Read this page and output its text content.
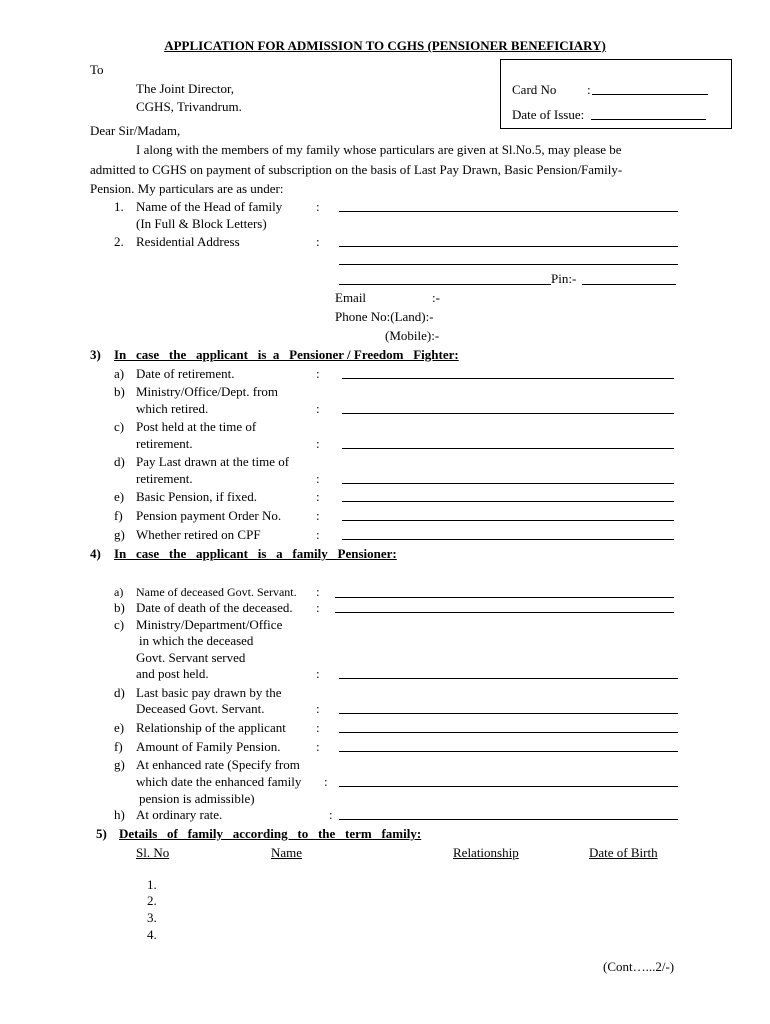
APPLICATION FOR ADMISSION TO CGHS (PENSIONER BENEFICIARY)
To
The Joint Director,
CGHS, Trivandrum.
Card No :
Date of Issue:
Dear Sir/Madam,
I along with the members of my family whose particulars are given at Sl.No.5, may please be
admitted to CGHS on payment of subscription on the basis of Last Pay Drawn, Basic Pension/Family-
Pension. My particulars are as under:
1. Name of the Head of family	:
(In Full & Block Letters)
2. Residential Address	:
Pin:-
Email	:-
Phone No:(Land):-
(Mobile):-
3) In   case   the   applicant   is  a   Pensioner / Freedom   Fighter:
a) Date of retirement.	:
b) Ministry/Office/Dept. from
which retired.	:
c) Post held at the time of
retirement.	:
d) Pay Last drawn at the time of
retirement.	:
e) Basic Pension, if fixed.	:
f) Pension payment Order No.	:
g) Whether retired on CPF	:
4) In   case   the   applicant   is   a   family   Pensioner:
a) Name of deceased Govt. Servant. :
b) Date of death of the deceased. :
c) Ministry/Department/Office
in which the deceased
Govt. Servant served
and post held.	:
d) Last basic pay drawn by the
Deceased Govt. Servant.	:
e) Relationship of the applicant :
f) Amount of Family Pension.	:
g) At enhanced rate (Specify from
which date the enhanced family :
pension is admissible)
h) At ordinary rate.	:
5) Details   of   family   according   to   the   term   family:
Sl. No	Name	Relationship	Date of Birth
1.
2.
3.
4.
(Cont…...2/-)
